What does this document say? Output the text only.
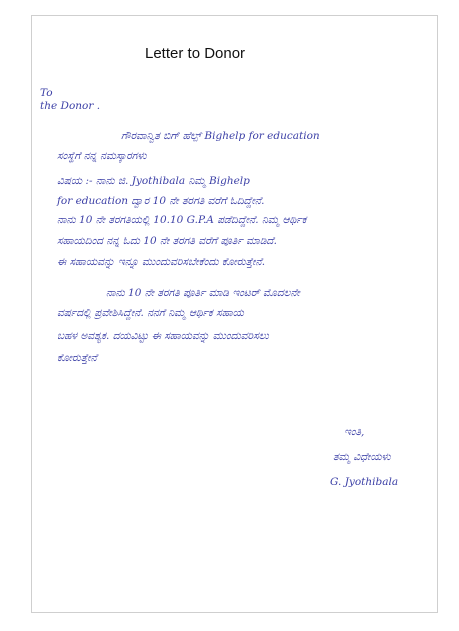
Letter to Donor
To
the Donor .
ಗೌರವಾನ್ವಿತ ಬಿಗ್ ಹೆಲ್ಪ್ Bighelp for education
ಸಂಸ್ಥೆಗೆ ನನ್ನ ನಮಸ್ಕಾರಗಳು
ವಿಷಯ :- ನಾನು ಜಿ. Jyothibala ನಿಮ್ಮ Bighelp
for education ದ್ವಾರ 10 ನೇ ತರಗತಿ ವರೆಗೆ ಓದಿದ್ದೇನೆ.
ನಾನು 10 ನೇ ತರಗತಿಯಲ್ಲಿ 10.10 G.P.A ಪಡೆದಿದ್ದೇನೆ. ನಿಮ್ಮ ಆರ್ಥಿಕ
ಸಹಾಯದಿಂದ ನನ್ನ ಓದು 10 ನೇ ತರಗತಿ ವರೆಗೆ ಪೂರ್ತಿ ಮಾಡಿದೆ.
ಈ ಸಹಾಯವನ್ನು ಇನ್ನೂ ಮುಂದುವರಿಸಬೇಕೆಂದು ಕೋರುತ್ತೇನೆ.
ನಾನು 10 ನೇ ತರಗತಿ ಪೂರ್ತಿ ಮಾಡಿ ಇಂಟರ್ ಮೊದಲನೇ
ವರ್ಷದಲ್ಲಿ ಪ್ರವೇಶಿಸಿದ್ದೇನೆ. ನನಗೆ ನಿಮ್ಮ ಆರ್ಥಿಕ ಸಹಾಯ
ಬಹಳ ಅವಶ್ಯಕ. ದಯವಿಟ್ಟು ಈ ಸಹಾಯವನ್ನು ಮುಂದುವರಿಸಲು
ಕೋರುತ್ತೇನೆ
ಇಂತಿ,
ತಮ್ಮ ವಿಧೇಯಳು
G. Jyothibala
